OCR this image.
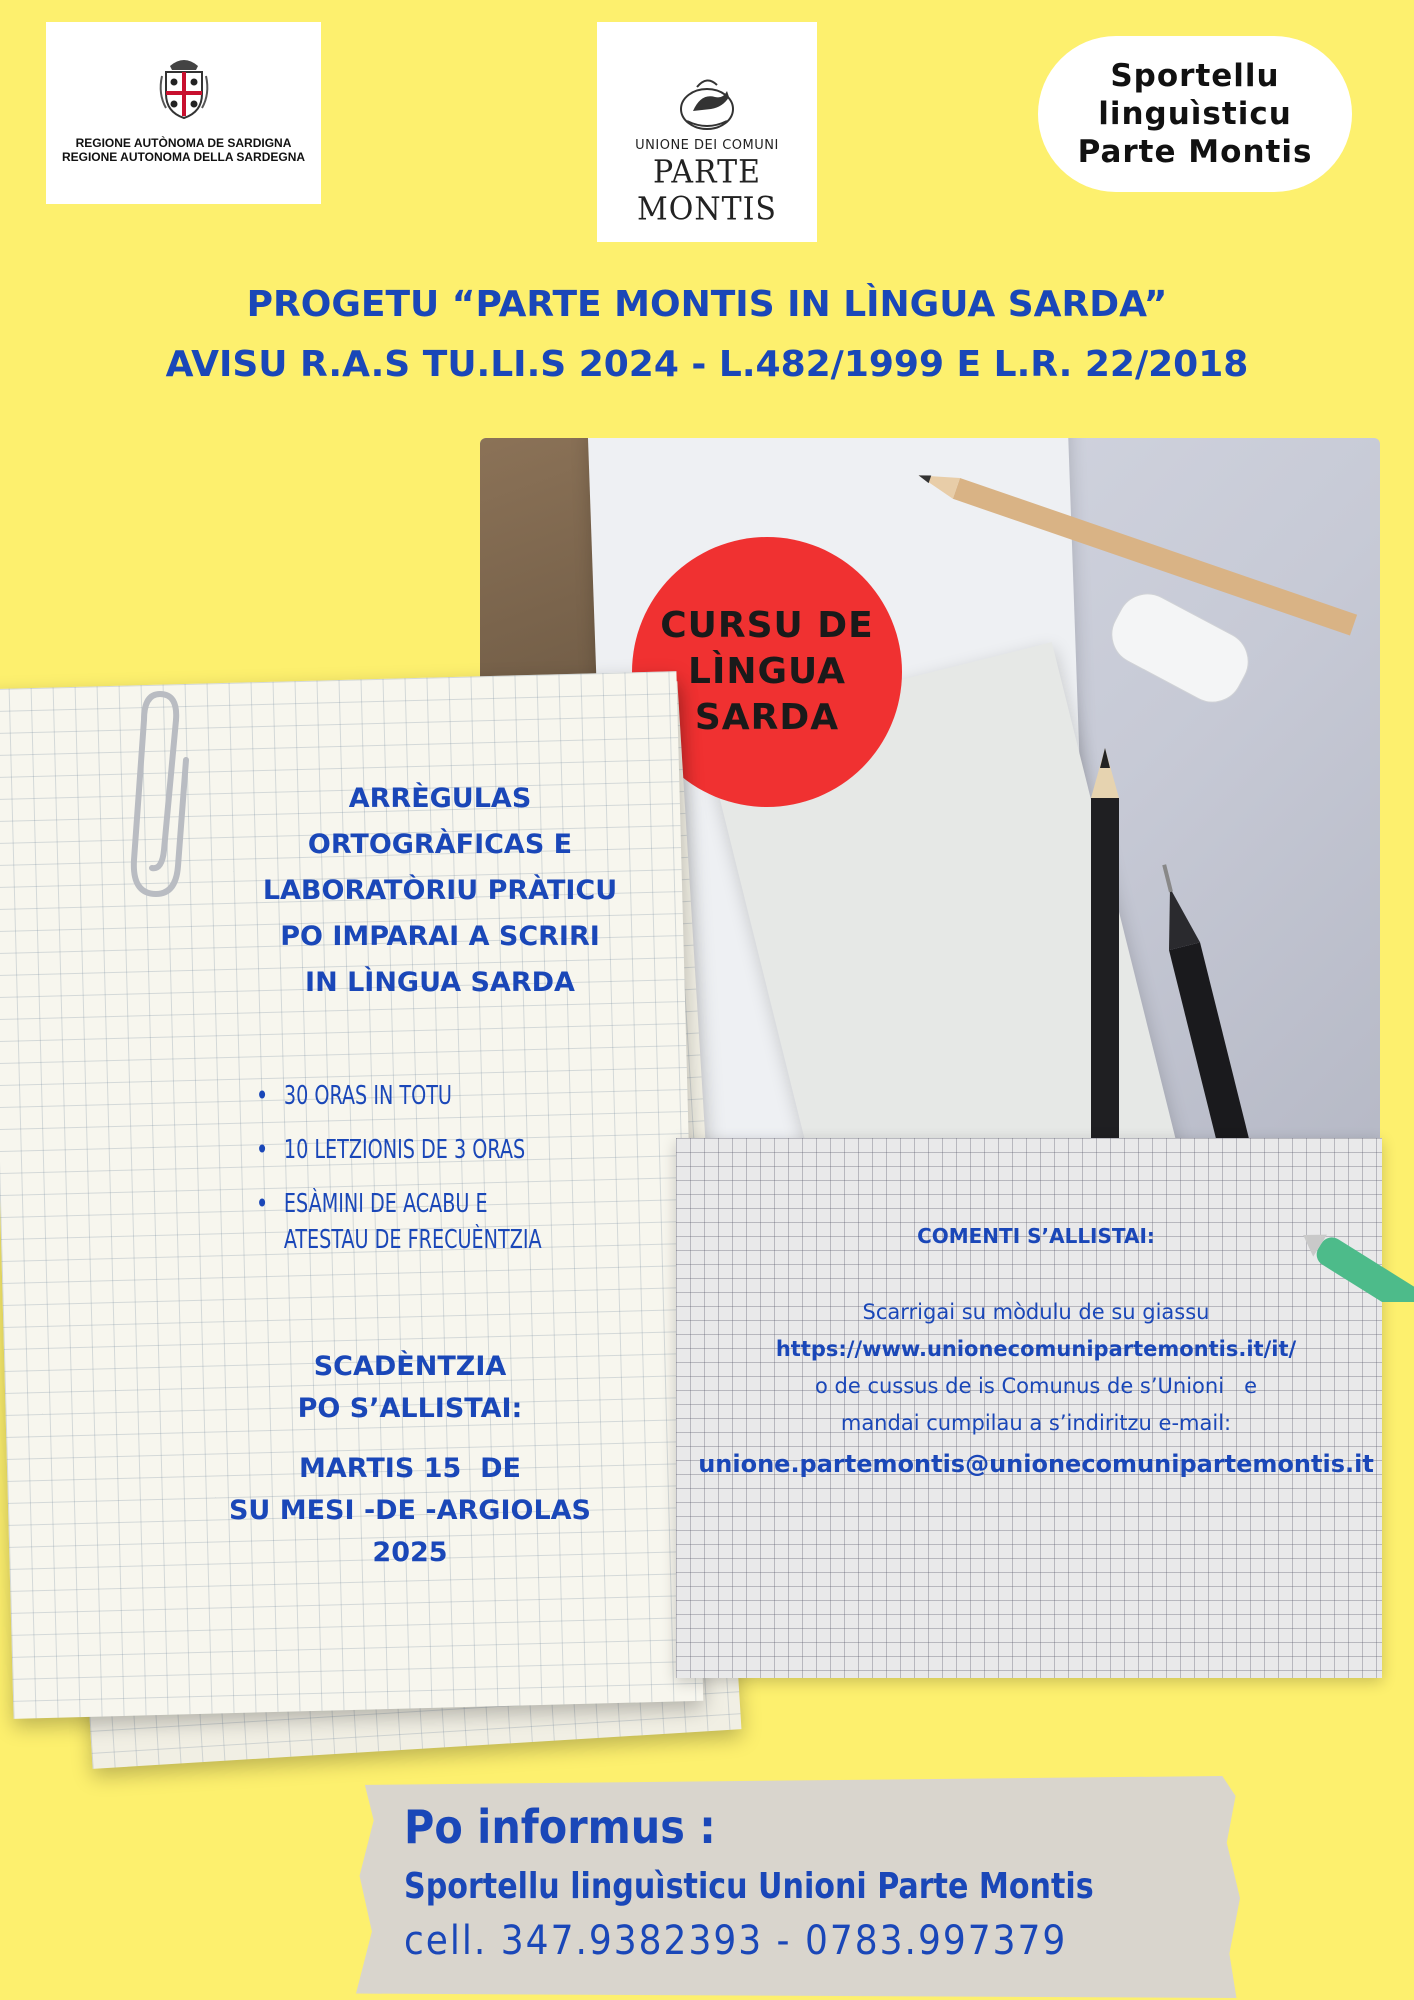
REGIONE AUTÒNOMA DE SARDIGNA
REGIONE AUTONOMA DELLA SARDEGNA
UNIONE DEI COMUNI
PARTE MONTIS
Sportellu
linguìsticu
Parte Montis
PROGETU “PARTE MONTIS IN LÌNGUA SARDA”
AVISU R.A.S TU.LI.S 2024 - L.482/1999 E L.R. 22/2018
CURSU DE
LÌNGUA
SARDA
ARRÈGULAS
ORTOGRÀFICAS E
LABORATÒRIU PRÀTICU
PO IMPARAI A SCRIRI
IN LÌNGUA SARDA
• 30 ORAS IN TOTU
• 10 LETZIONIS DE 3 ORAS
• ESÀMINI DE ACABU E
ATESTAU DE FRECUÈNTZIA
SCADÈNTZIA
PO S’ALLISTAI:
MARTIS 15  DE
SU MESI -DE -ARGIOLAS
2025
COMENTI S’ALLISTAI:
Scarrigai su mòdulu de su giassu
https://www.unionecomunipartemontis.it/it/
o de cussus de is Comunus de s’Unioni   e
mandai cumpilau a s’indiritzu e-mail:
unione.partemontis@unionecomunipartemontis.it
Po informus :
Sportellu linguìsticu Unioni Parte Montis
cell. 347.9382393 - 0783.997379
